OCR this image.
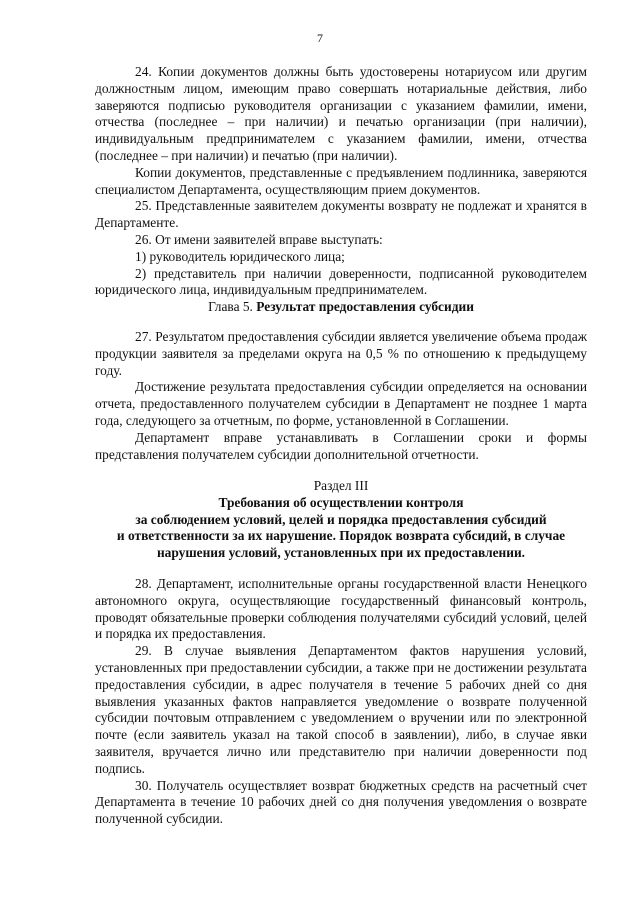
7

24. Копии документов должны быть удостоверены нотариусом или другим должностным лицом, имеющим право совершать нотариальные действия, либо заверяются подписью руководителя организации с указанием фамилии, имени, отчества (последнее – при наличии) и печатью организации (при наличии), индивидуальным предпринимателем с указанием фамилии, имени, отчества (последнее – при наличии) и печатью (при наличии).

Копии документов, представленные с предъявлением подлинника, заверяются специалистом Департамента, осуществляющим прием документов.

25. Представленные заявителем документы возврату не подлежат и хранятся в Департаменте.

26. От имени заявителей вправе выступать:

1) руководитель юридического лица;

2) представитель при наличии доверенности, подписанной руководителем юридического лица, индивидуальным предпринимателем.

Глава 5. Результат предоставления субсидии

27. Результатом предоставления субсидии является увеличение объема продаж продукции заявителя за пределами округа на 0,5 % по отношению к предыдущему году.

Достижение результата предоставления субсидии определяется на основании отчета, предоставленного получателем субсидии в Департамент не позднее 1 марта года, следующего за отчетным, по форме, установленной в Соглашении.

Департамент вправе устанавливать в Соглашении сроки и формы представления получателем субсидии дополнительной отчетности.

Раздел III
Требования об осуществлении контроля
за соблюдением условий, целей и порядка предоставления субсидий
и ответственности за их нарушение. Порядок возврата субсидий, в случае
нарушения условий, установленных при их предоставлении.

28. Департамент, исполнительные органы государственной власти Ненецкого автономного округа, осуществляющие государственный финансовый контроль, проводят обязательные проверки соблюдения получателями субсидий условий, целей и порядка их предоставления.

29. В случае выявления Департаментом фактов нарушения условий, установленных при предоставлении субсидии, а также при не достижении результата предоставления субсидии, в адрес получателя в течение 5 рабочих дней со дня выявления указанных фактов направляется уведомление о возврате полученной субсидии почтовым отправлением с уведомлением о вручении или по электронной почте (если заявитель указал на такой способ в заявлении), либо, в случае явки заявителя, вручается лично или представителю при наличии доверенности под подпись.

30. Получатель осуществляет возврат бюджетных средств на расчетный счет Департамента в течение 10 рабочих дней со дня получения уведомления о возврате полученной субсидии.
